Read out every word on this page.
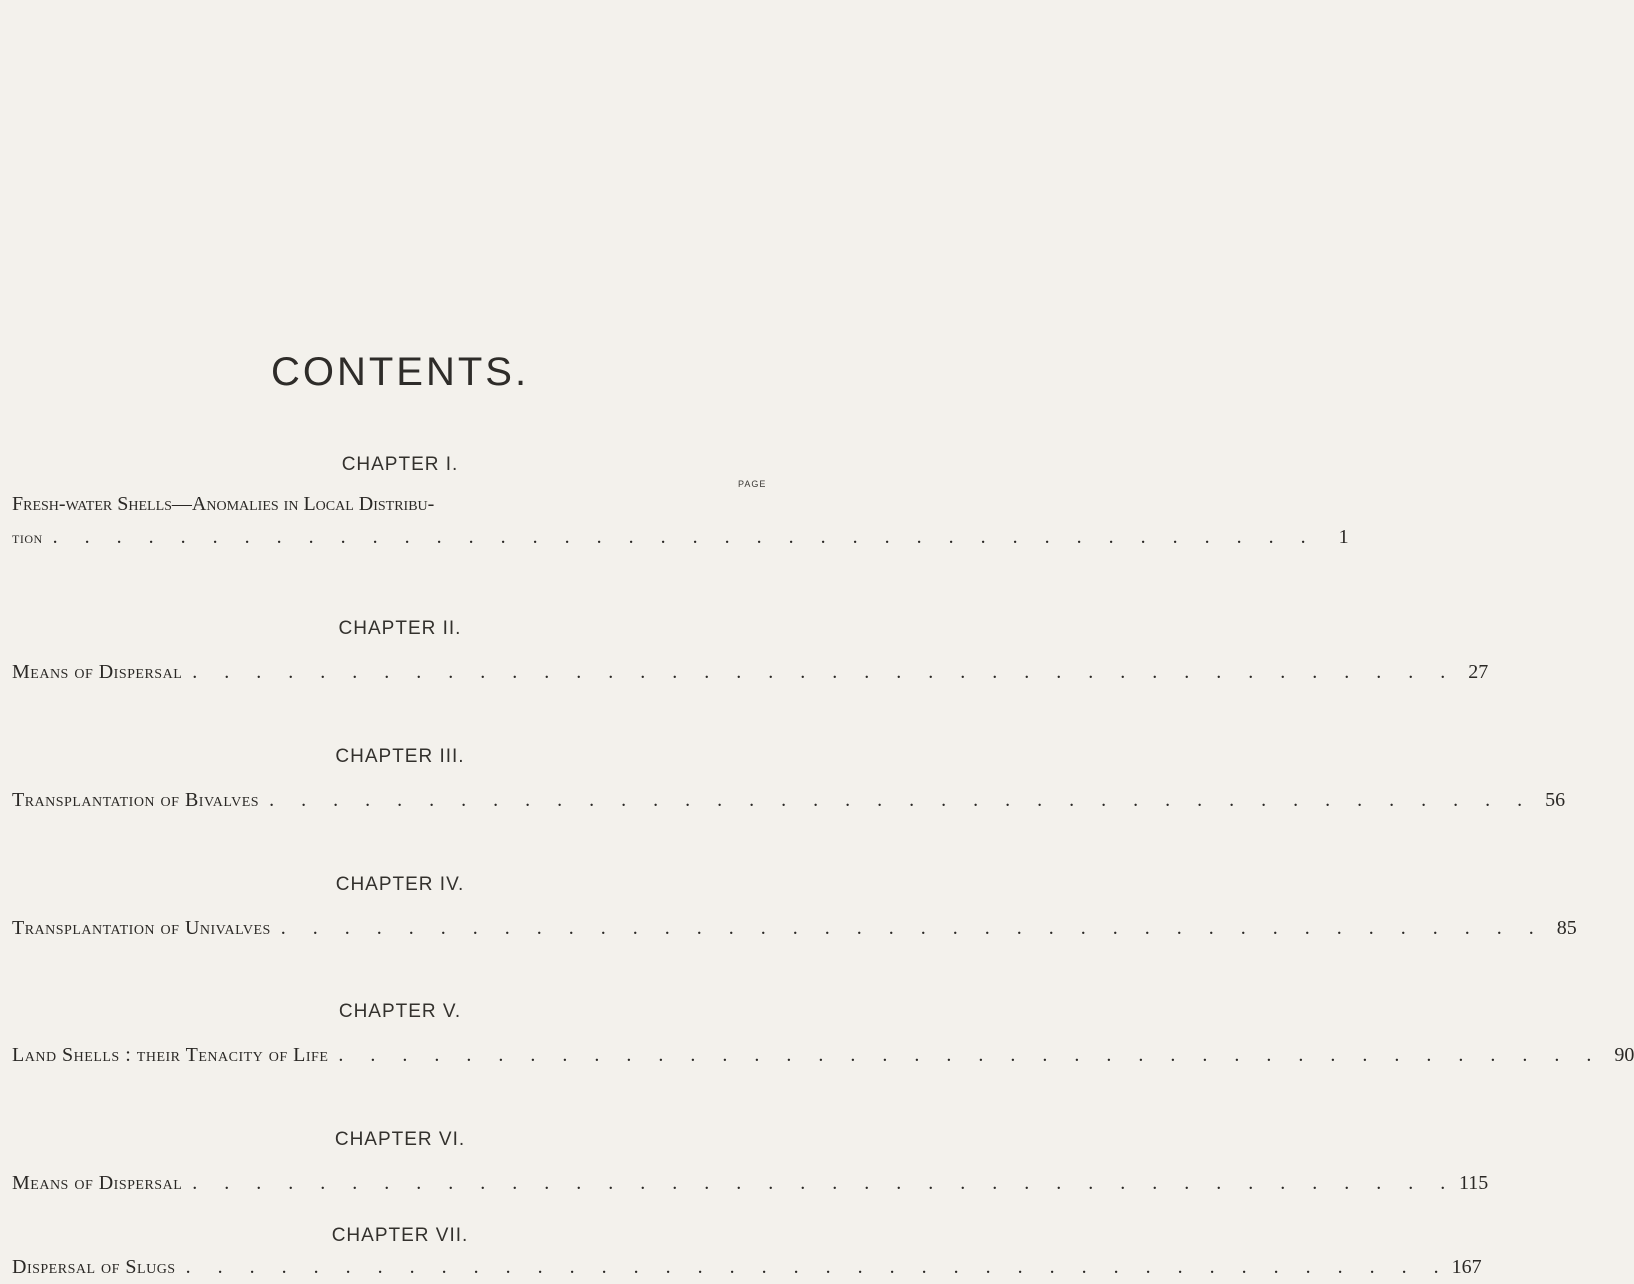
CONTENTS.
CHAPTER I.
PAGE
Fresh-water Shells—Anomalies in Local Distribu-
tion . . . . . . . . . . . . . . . . . . . . . . . . . . . . . . . . . . . . . . . .	1
CHAPTER II.
Means of Dispersal . . . . . . . . . . . . . . . . . . . . . . . . . . . . . . . . . . . . . . . . 27
CHAPTER III.
Transplantation of Bivalves . . . . . . . . . . . . . . . . . . . . . . . . . . . . . . . . . . . . . . . . 56
CHAPTER IV.
Transplantation of Univalves . . . . . . . . . . . . . . . . . . . . . . . . . . . . . . . . . . . . . . . . 85
CHAPTER V.
Land Shells : their Tenacity of Life . . . . . . . . . . . . . . . . . . . . . . . . . . . . . . . . . . . . . . . . 90
CHAPTER VI.
Means of Dispersal . . . . . . . . . . . . . . . . . . . . . . . . . . . . . . . . . . . . . . . . 115
CHAPTER VII.
Dispersal of Slugs . . . . . . . . . . . . . . . . . . . . . . . . . . . . . . . . . . . . . . . . 167
